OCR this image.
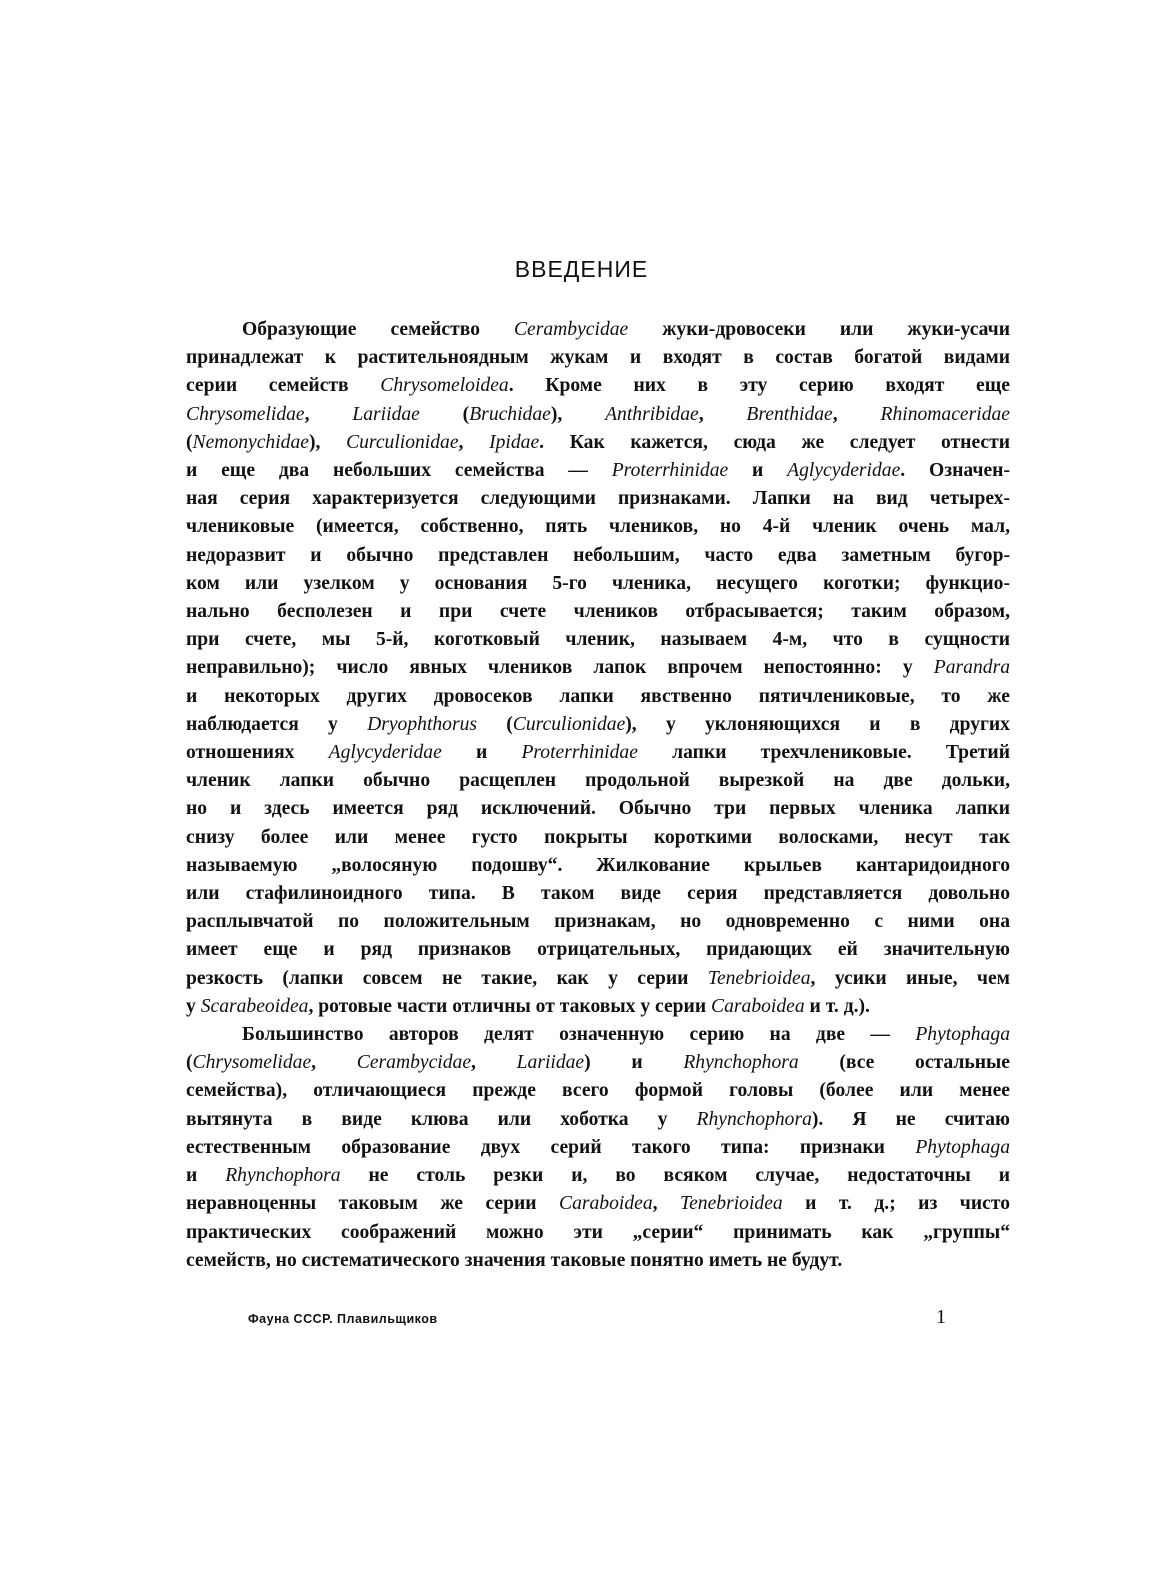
ВВЕДЕНИЕ
Образующие семейство Cerambycidae жуки-дровосеки или жуки-усачи
принадлежат к растительноядным жукам и входят в состав богатой видами
серии семейств Chrysomeloidea. Кроме них в эту серию входят еще
Chrysomelidae, Lariidae (Bruchidae), Anthribidae, Brenthidae, Rhinomaceridae
(Nemonychidae), Curculionidae, Ipidae. Как кажется, сюда же следует отнести
и еще два небольших семейства — Proterrhinidae и Aglycyderidae. Означен-
ная серия характеризуется следующими признаками. Лапки на вид четырех-
члениковые (имеется, собственно, пять члеников, но 4-й членик очень мал,
недоразвит и обычно представлен небольшим, часто едва заметным бугор-
ком или узелком у основания 5-го членика, несущего коготки; функцио-
нально бесполезен и при счете члеников отбрасывается; таким образом,
при счете, мы 5-й, коготковый членик, называем 4-м, что в сущности
неправильно); число явных члеников лапок впрочем непостоянно: у Parandra
и некоторых других дровосеков лапки явственно пятичлениковые, то же
наблюдается у Dryophthorus (Curculionidae), у уклоняющихся и в других
отношениях Aglycyderidae и Proterrhinidae лапки трехчлениковые. Третий
членик лапки обычно расщеплен продольной вырезкой на две дольки,
но и здесь имеется ряд исключений. Обычно три первых членика лапки
снизу более или менее густо покрыты короткими волосками, несут так
называемую „волосяную подошву“. Жилкование крыльев кантаридоидного
или стафилиноидного типа. В таком виде серия представляется довольно
расплывчатой по положительным признакам, но одновременно с ними она
имеет еще и ряд признаков отрицательных, придающих ей значительную
резкость (лапки совсем не такие, как у серии Tenebrioidea, усики иные, чем
у Scarabeoidea, ротовые части отличны от таковых у серии Caraboidea и т. д.).
Большинство авторов делят означенную серию на две — Phytophaga
(Chrysomelidae, Cerambycidae, Lariidae) и Rhynchophora (все остальные
семейства), отличающиеся прежде всего формой головы (более или менее
вытянута в виде клюва или хоботка у Rhynchophora). Я не считаю
естественным образование двух серий такого типа: признаки Phytophaga
и Rhynchophora не столь резки и, во всяком случае, недостаточны и
неравноценны таковым же серии Caraboidea, Tenebrioidea и т. д.; из чисто
практических соображений можно эти „серии“ принимать как „группы“
семейств, но систематического значения таковые понятно иметь не будут.
Фауна СССР. Плавильщиков	1
